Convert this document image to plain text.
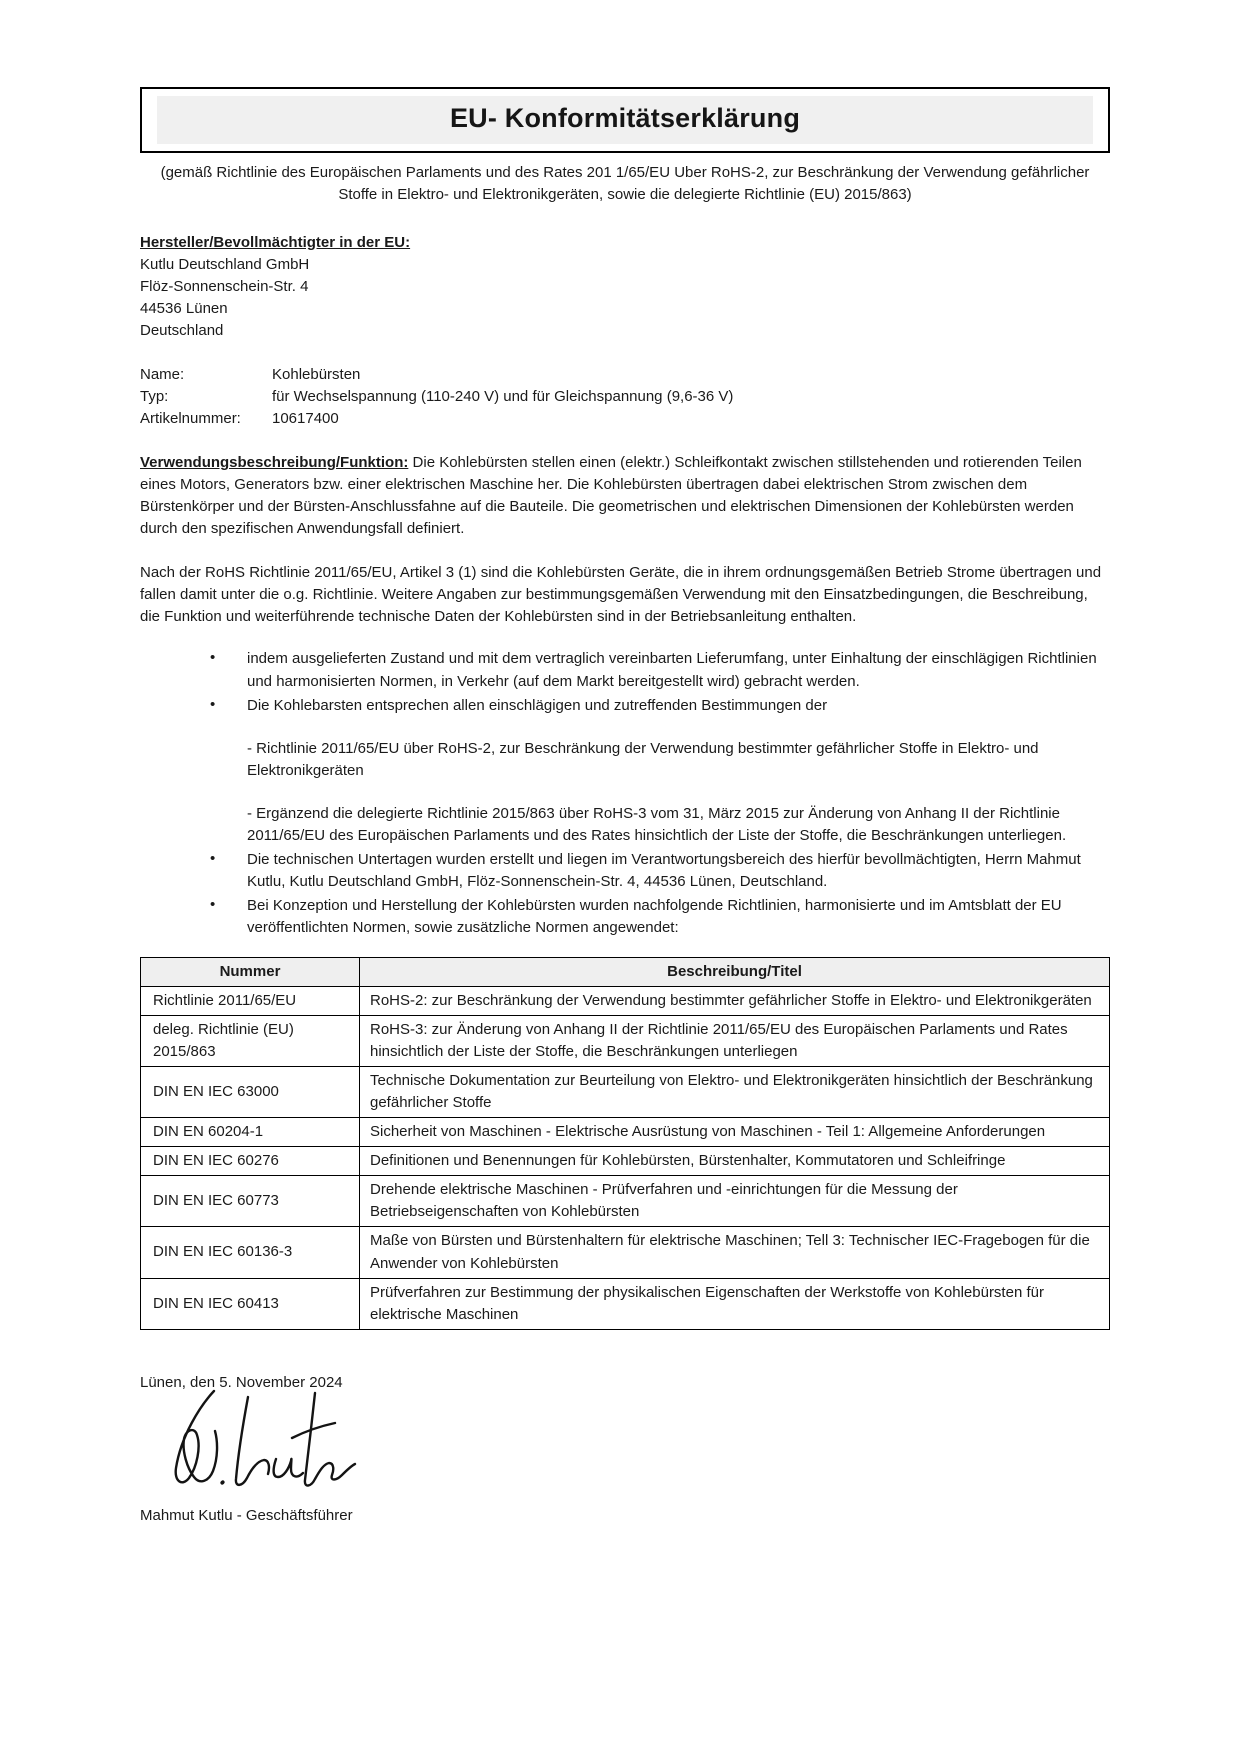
EU- Konformitätserklärung
(gemäß Richtlinie des Europäischen Parlaments und des Rates 201 1/65/EU Uber RoHS-2, zur Beschränkung der Verwendung gefährlicher
Stoffe in Elektro- und Elektronikgeräten, sowie die delegierte Richtlinie (EU) 2015/863)
Hersteller/Bevollmächtigter in der EU:
Kutlu Deutschland GmbH
Flöz-Sonnenschein-Str. 4
44536 Lünen
Deutschland
Name:	Kohlebürsten
Typ:	für Wechselspannung (110-240 V) und für Gleichspannung (9,6-36 V)
Artikelnummer:	10617400

Verwendungsbeschreibung/Funktion: Die Kohlebürsten stellen einen (elektr.) Schleifkontakt zwischen stillstehenden und rotierenden Teilen eines Motors, Generators bzw. einer elektrischen Maschine her. Die Kohlebürsten übertragen dabei elektrischen Strom zwischen dem Bürstenkörper und der Bürsten-Anschlussfahne auf die Bauteile. Die geometrischen und elektrischen Dimensionen der Kohlebürsten werden durch den spezifischen Anwendungsfall definiert.

Nach der RoHS Richtlinie 2011/65/EU, Artikel 3 (1) sind die Kohlebürsten Geräte, die in ihrem ordnungsgemäßen Betrieb Strome übertragen und fallen damit unter die o.g. Richtlinie. Weitere Angaben zur bestimmungsgemäßen Verwendung mit den Einsatzbedingungen, die Beschreibung, die Funktion und weiterführende technische Daten der Kohlebürsten sind in der Betriebsanleitung enthalten.

•
indem ausgelieferten Zustand und mit dem vertraglich vereinbarten Lieferumfang, unter Einhaltung der einschlägigen Richtlinien und harmonisierten Normen, in Verkehr (auf dem Markt bereitgestellt wird) gebracht werden.
•
Die Kohlebarsten entsprechen allen einschlägigen und zutreffenden Bestimmungen der
- Richtlinie 2011/65/EU über RoHS-2, zur Beschränkung der Verwendung bestimmter gefährlicher Stoffe in Elektro- und Elektronikgeräten
- Ergänzend die delegierte Richtlinie 2015/863 über RoHS-3 vom 31, März 2015 zur Änderung von Anhang II der Richtlinie 2011/65/EU des Europäischen Parlaments und des Rates hinsichtlich der Liste der Stoffe, die Beschränkungen unterliegen.
•
Die technischen Untertagen wurden erstellt und liegen im Verantwortungsbereich des hierfür bevollmächtigten, Herrn Mahmut Kutlu, Kutlu Deutschland GmbH, Flöz-Sonnenschein-Str. 4, 44536 Lünen, Deutschland.
•
Bei Konzeption und Herstellung der Kohlebürsten wurden nachfolgende Richtlinien, harmonisierte und im Amtsblatt der EU veröffentlichten Normen, sowie zusätzliche Normen angewendet:
Nummer	Beschreibung/Titel
Richtlinie 2011/65/EU	RoHS-2: zur Beschränkung der Verwendung bestimmter gefährlicher Stoffe in Elektro- und Elektronikgeräten
deleg. Richtlinie (EU) 2015/863	RoHS-3: zur Änderung von Anhang II der Richtlinie 2011/65/EU des Europäischen Parlaments und Rates hinsichtlich der Liste der Stoffe, die Beschränkungen unterliegen
DIN EN IEC 63000	Technische Dokumentation zur Beurteilung von Elektro- und Elektronikgeräten hinsichtlich der Beschränkung gefährlicher Stoffe
DIN EN 60204-1	Sicherheit von Maschinen - Elektrische Ausrüstung von Maschinen - Teil 1: Allgemeine Anforderungen
DIN EN IEC 60276	Definitionen und Benennungen für Kohlebürsten, Bürstenhalter, Kommutatoren und Schleifringe
DIN EN IEC 60773	Drehende elektrische Maschinen - Prüfverfahren und -einrichtungen für die Messung der Betriebseigenschaften von Kohlebürsten
DIN EN IEC 60136-3	Maße von Bürsten und Bürstenhaltern für elektrische Maschinen; Tell 3: Technischer IEC-Fragebogen für die Anwender von Kohlebürsten
DIN EN IEC 60413	Prüfverfahren zur Bestimmung der physikalischen Eigenschaften der Werkstoffe von Kohlebürsten für elektrische Maschinen
Lünen, den 5. November 2024
Mahmut Kutlu - Geschäftsführer
